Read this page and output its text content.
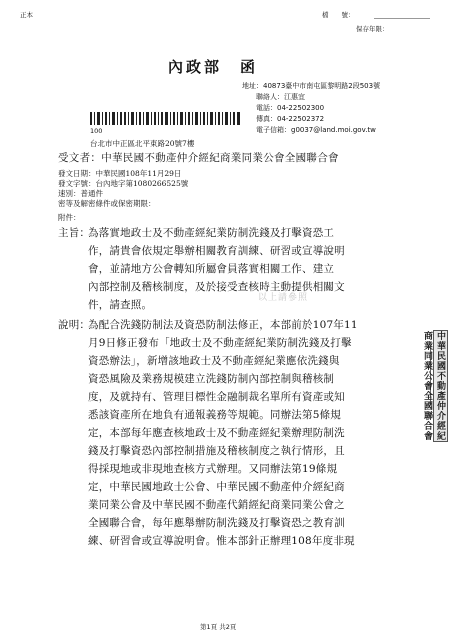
正本	檔　　號：
保存年限：
內政部　函
地址：40873臺中市南屯區黎明路2段503號
聯絡人：江惠宜
電話：04-22502300
傳真：04-22502372
電子信箱：g0037@land.moi.gov.tw
100
台北市中正區北平東路20號7樓
受文者：中華民國不動產仲介經紀商業同業公會全國聯合會
發文日期：中華民國108年11月29日
發文字號：台內地字第1080266525號
速別：普通件
密等及解密條件或保密期限：
附件：
主旨：
為落實地政士及不動產經紀業防制洗錢及打擊資恐工
作，請貴會依規定舉辦相關教育訓練、研習或宣導說明
會，並請地方公會轉知所屬會員落實相關工作、建立
內部控制及稽核制度，及於接受查核時主動提供相關文
件，請查照。
以上請參照
說明：
為配合洗錢防制法及資恐防制法修正，本部前於107年11
月9日修正發布「地政士及不動產經紀業防制洗錢及打擊
資恐辦法」，新增該地政士及不動產經紀業應依洗錢與
資恐風險及業務規模建立洗錢防制內部控制與稽核制
度，及就持有、管理目標性金融制裁名單所有資產或知
悉該資產所在地負有通報義務等規範。同辦法第5條規
定，本部每年應查核地政士及不動產經紀業辦理防制洗
錢及打擊資恐內部控制措施及稽核制度之執行情形，且
得採現地或非現地查核方式辦理。又同辦法第19條規
定，中華民國地政士公會、中華民國不動產仲介經紀商
業同業公會及中華民國不動產代銷經紀商業同業公會之
全國聯合會，每年應舉辦防制洗錢及打擊資恐之教育訓
練、研習會或宣導說明會。惟本部針正辦理108年度非現
中華民國不動產仲介經紀商業同業公會全國聯合會
第1頁 共2頁
